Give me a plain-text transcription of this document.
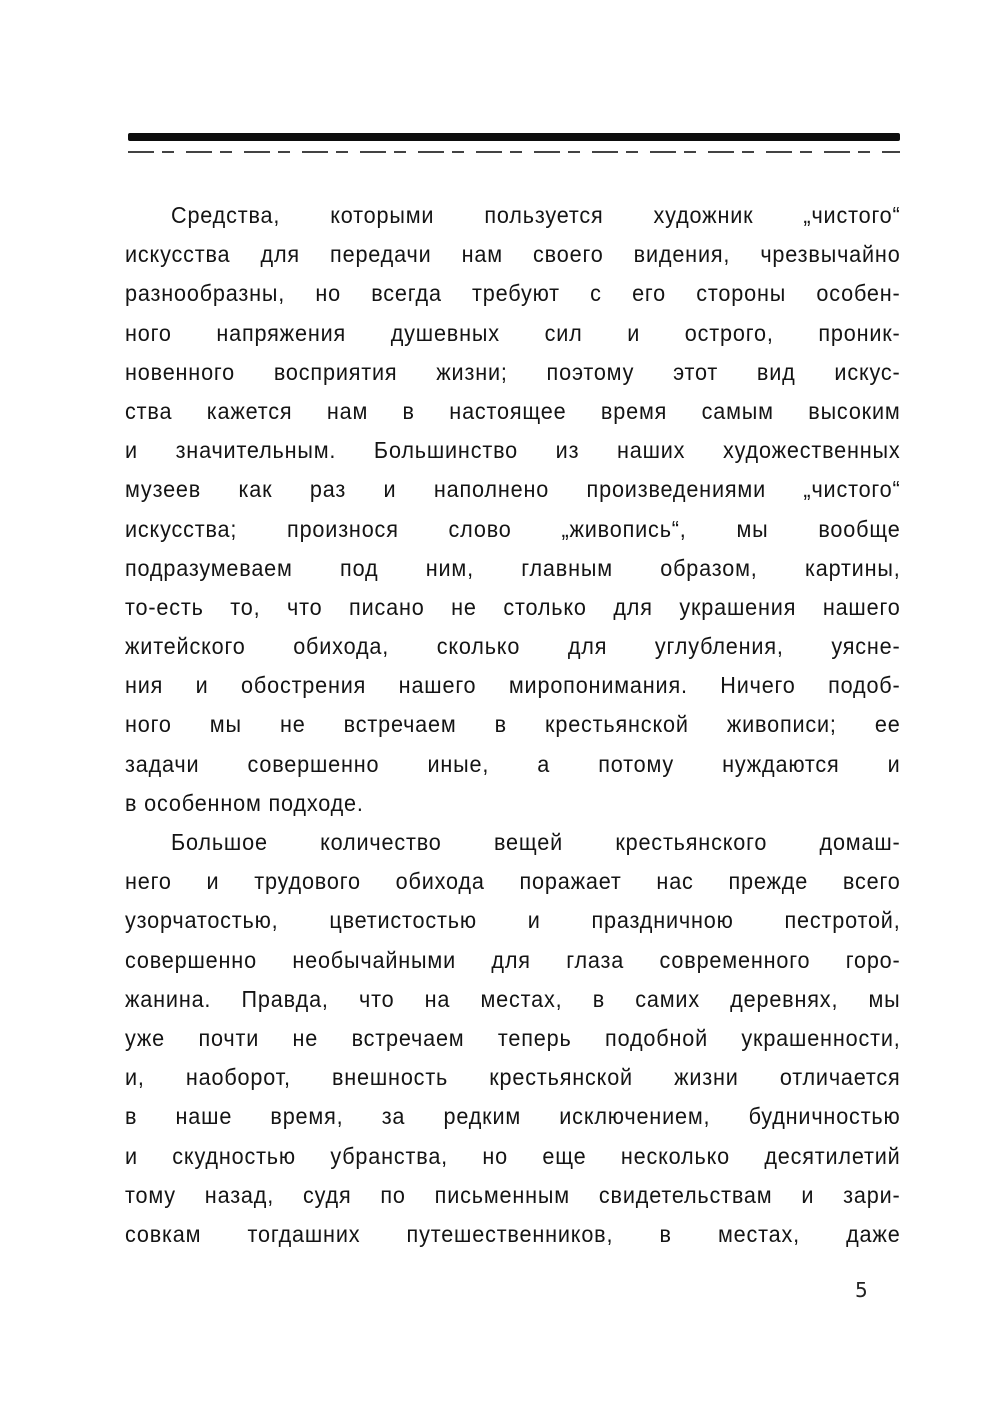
Средства, которыми пользуется художник „чистого“
искусства для передачи нам своего видения, чрезвычайно
разнообразны, но всегда требуют с его стороны особен-
ного напряжения душевных сил и острого, проник-
новенного восприятия жизни; поэтому этот вид искус-
ства кажется нам в настоящее время самым высоким
и значительным. Большинство из наших художественных
музеев как раз и наполнено произведениями „чистого“
искусства; произнося слово „живопись“, мы вообще
подразумеваем под ним, главным образом, картины,
то-есть то, что писано не столько для украшения нашего
житейского обихода, сколько для углубления, уясне-
ния и обострения нашего миропонимания. Ничего подоб-
ного мы не встречаем в крестьянской живописи; ее
задачи совершенно иные, а потому нуждаются и
в особенном подходе.
Большое количество вещей крестьянского домаш-
него и трудового обихода поражает нас прежде всего
узорчатостью, цветистостью и праздничною пестротой,
совершенно необычайными для глаза современного горо-
жанина. Правда, что на местах, в самих деревнях, мы
уже почти не встречаем теперь подобной украшенности,
и, наоборот, внешность крестьянской жизни отличается
в наше время, за редким исключением, будничностью
и скудностью убранства, но еще несколько десятилетий
тому назад, судя по письменным свидетельствам и зари-
совкам тогдашних путешественников, в местах, даже
5
